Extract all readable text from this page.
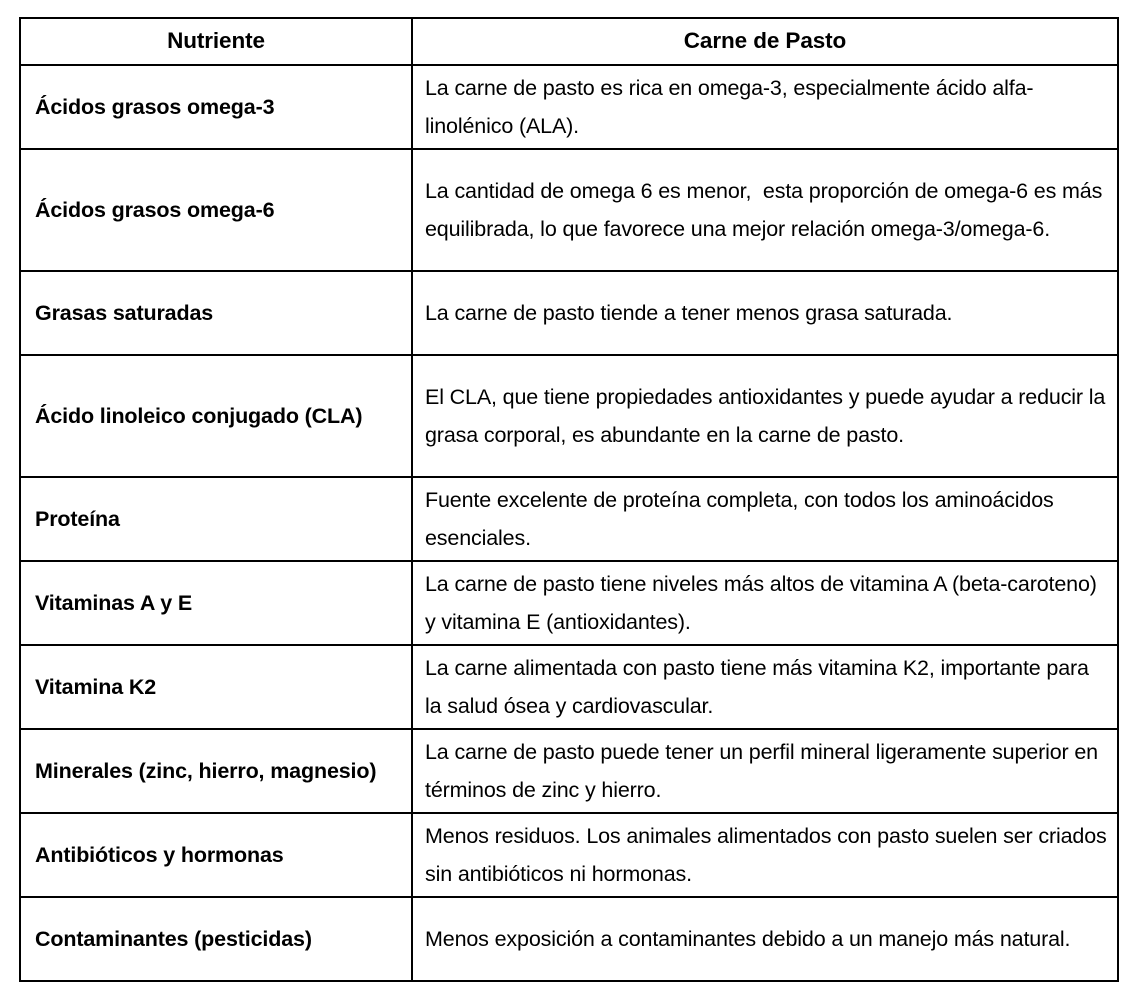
Nutriente	Carne de Pasto
Ácidos grasos omega-3	La carne de pasto es rica en omega-3, especialmente ácido alfa-linolénico (ALA).
Ácidos grasos omega-6	La cantidad de omega 6 es menor,  esta proporción de omega-6 es más equilibrada, lo que favorece una mejor relación omega-3/omega-6.
Grasas saturadas	La carne de pasto tiende a tener menos grasa saturada.
Ácido linoleico conjugado (CLA)	El CLA, que tiene propiedades antioxidantes y puede ayudar a reducir la grasa corporal, es abundante en la carne de pasto.
Proteína	Fuente excelente de proteína completa, con todos los aminoácidos esenciales.
Vitaminas A y E	La carne de pasto tiene niveles más altos de vitamina A (beta-caroteno) y vitamina E (antioxidantes).
Vitamina K2	La carne alimentada con pasto tiene más vitamina K2, importante para la salud ósea y cardiovascular.
Minerales (zinc, hierro, magnesio)	La carne de pasto puede tener un perfil mineral ligeramente superior en términos de zinc y hierro.
Antibióticos y hormonas	Menos residuos. Los animales alimentados con pasto suelen ser criados sin antibióticos ni hormonas.
Contaminantes (pesticidas)	Menos exposición a contaminantes debido a un manejo más natural.
